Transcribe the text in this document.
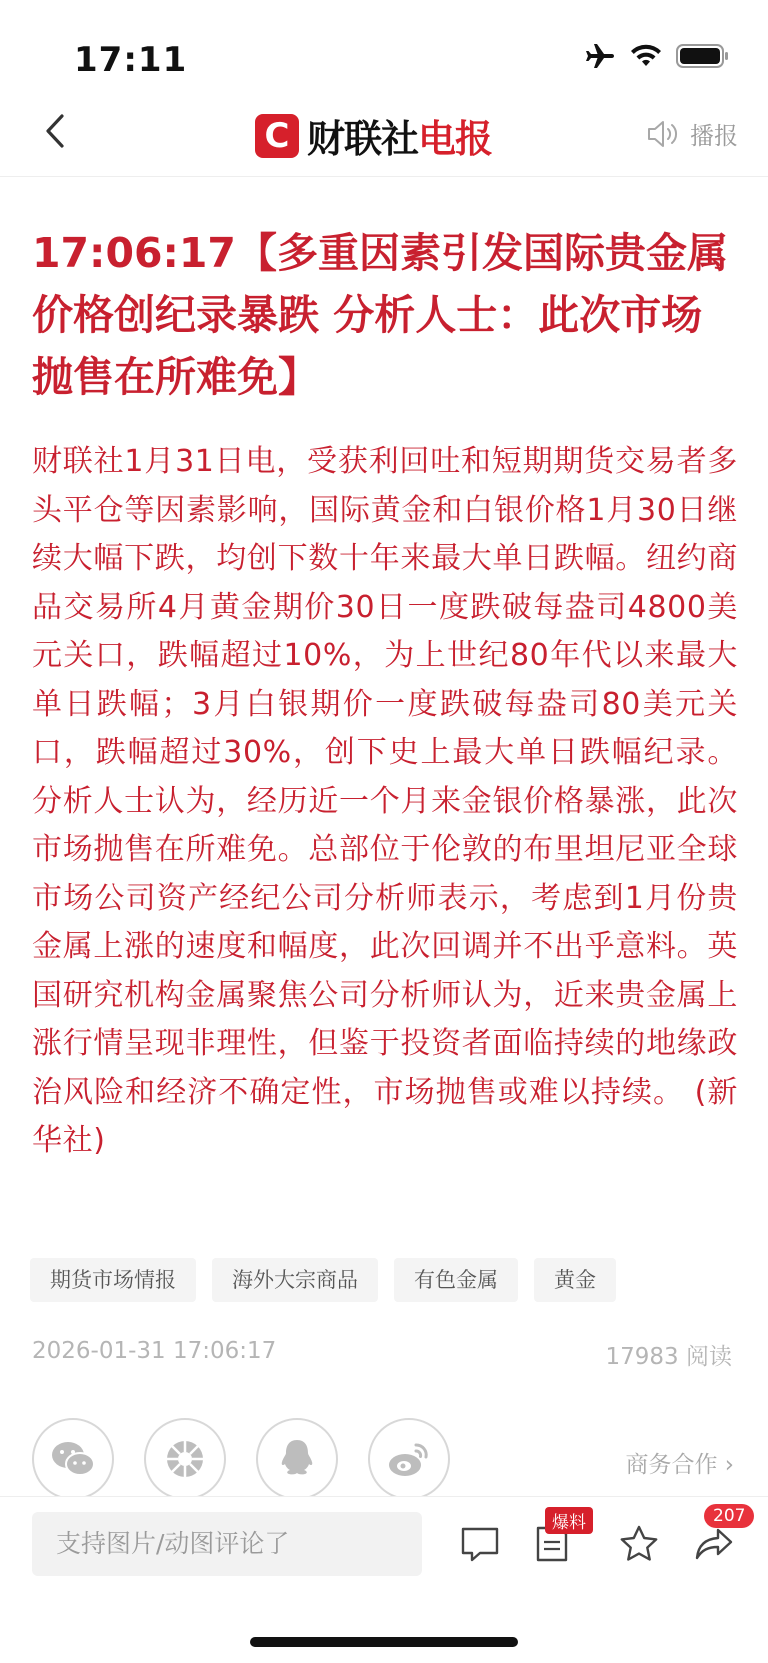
17:11
C 财联社电报	播报
17:06:17【多重因素引发国际贵金属价格创纪录暴跌 分析人士：此次市场抛售在所难免】
财联社1月31日电，受获利回吐和短期期货交易者多头平仓等因素影响，国际黄金和白银价格1月30日继续大幅下跌，均创下数十年来最大单日跌幅。纽约商品交易所4月黄金期价30日一度跌破每盎司4800美元关口，跌幅超过10%，为上世纪80年代以来最大单日跌幅；3月白银期价一度跌破每盎司80美元关口，跌幅超过30%，创下史上最大单日跌幅纪录。分析人士认为，经历近一个月来金银价格暴涨，此次市场抛售在所难免。总部位于伦敦的布里坦尼亚全球市场公司资产经纪公司分析师表示，考虑到1月份贵金属上涨的速度和幅度，此次回调并不出乎意料。英国研究机构金属聚焦公司分析师认为，近来贵金属上涨行情呈现非理性，但鉴于投资者面临持续的地缘政治风险和经济不确定性，市场抛售或难以持续。 (新华社)
期货市场情报	海外大宗商品	有色金属	黄金
2026-01-31 17:06:17	17983 阅读
商务合作 ›
支持图片/动图评论了
爆料	207
